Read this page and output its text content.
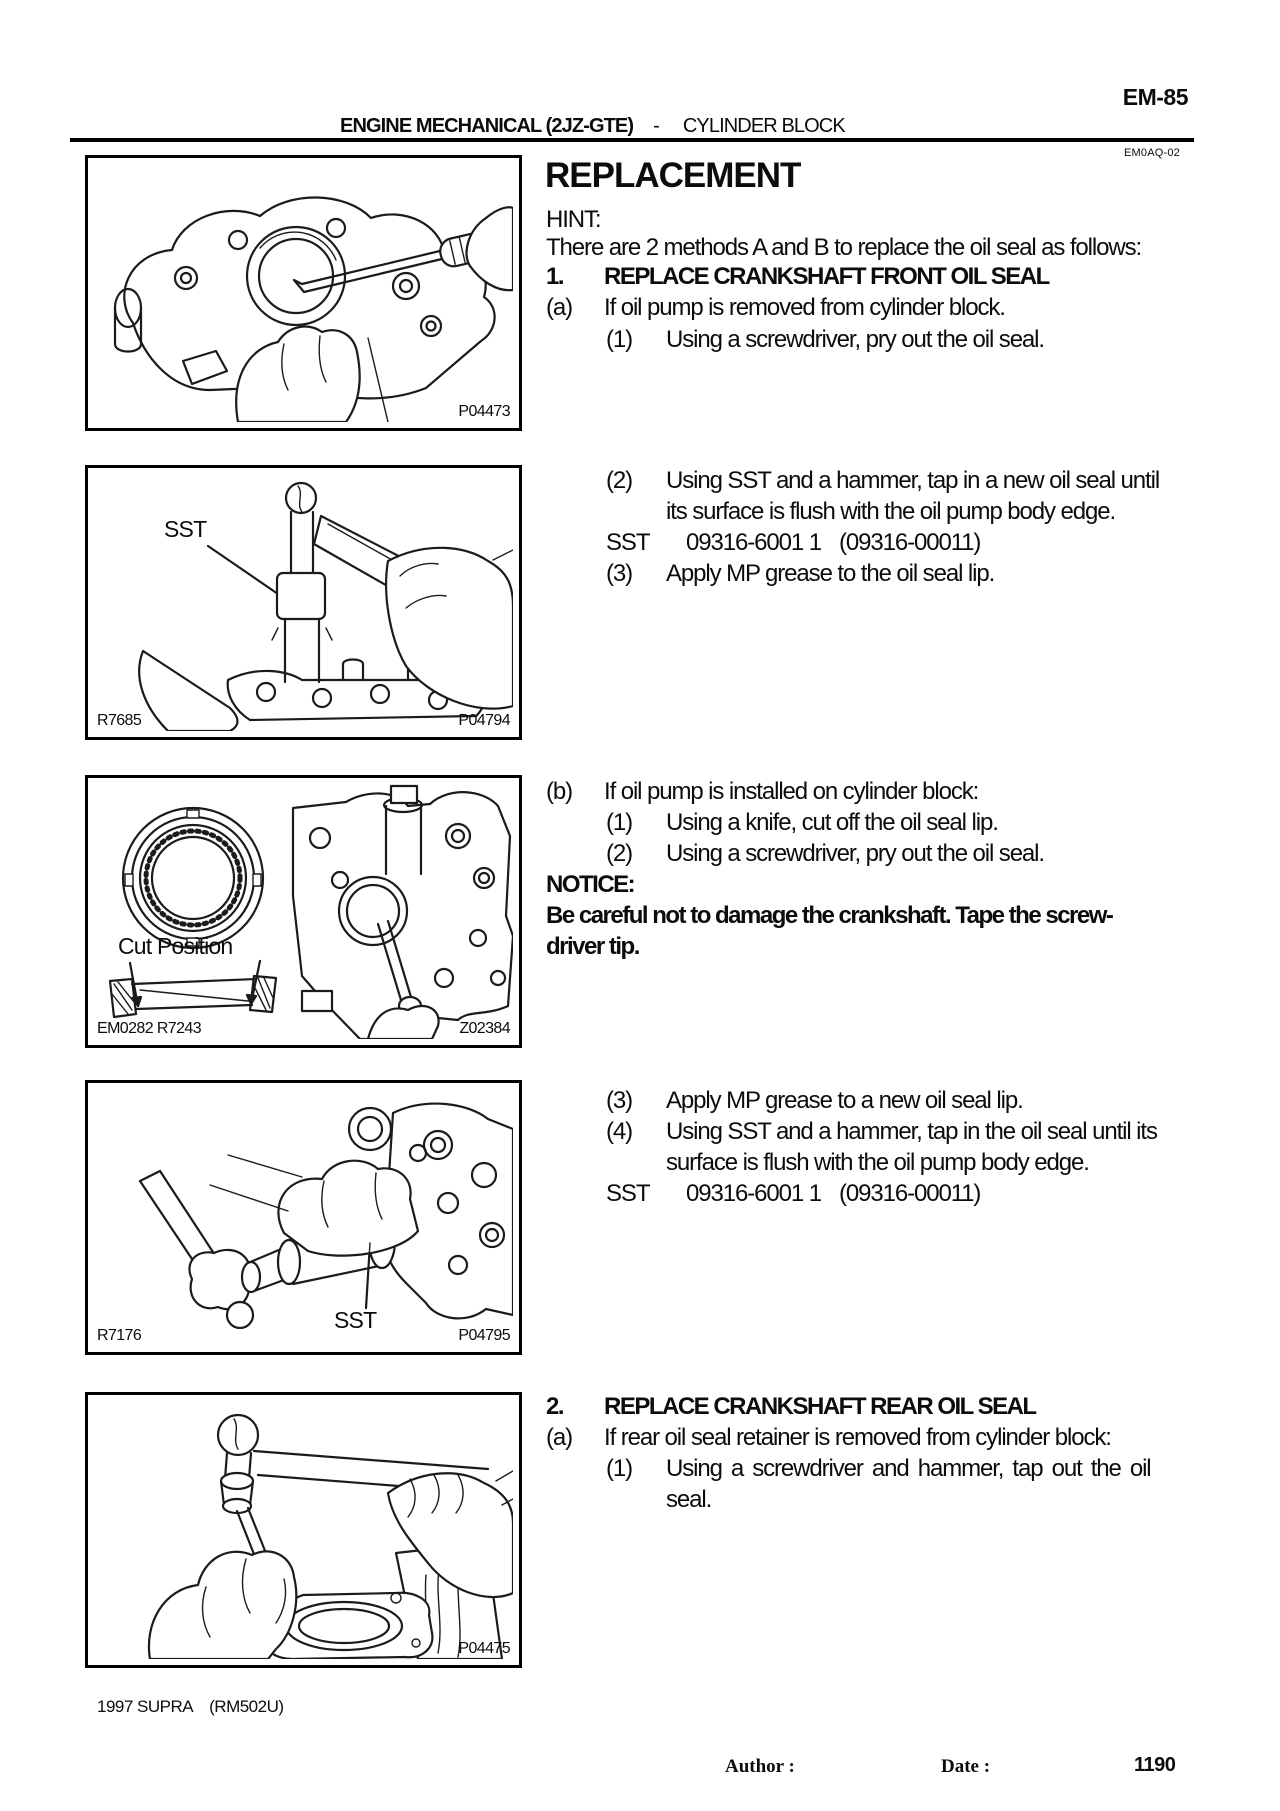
EM-85
ENGINE MECHANICAL (2JZ-GTE) - CYLINDER BLOCK
EM0AQ-02
P04473
SST
R7685	P04794
Cut Position
EM0282 R7243	Z02384
SST
R7176	P04795
P04475
REPLACEMENT
HINT:
There are 2 methods A and B to replace the oil seal as follows:
1. REPLACE CRANKSHAFT FRONT OIL SEAL
(a) If oil pump is removed from cylinder block.
(1) Using a screwdriver, pry out the oil seal.
(2) Using SST and a hammer, tap in a new oil seal until
its surface is flush with the oil pump body edge.
SST 09316-6001 1 (09316-00011)
(3) Apply MP grease to the oil seal lip.
(b) If oil pump is installed on cylinder block:
(1) Using a knife, cut off the oil seal lip.
(2) Using a screwdriver, pry out the oil seal.
NOTICE:
Be careful not to damage the crankshaft. Tape the screw-
driver tip.
(3) Apply MP grease to a new oil seal lip.
(4) Using SST and a hammer, tap in the oil seal until its
surface is flush with the oil pump body edge.
SST 09316-6001 1 (09316-00011)
2. REPLACE CRANKSHAFT REAR OIL SEAL
(a) If rear oil seal retainer is removed from cylinder block:
(1) Using a screwdriver and hammer, tap out the oil
seal.
1997 SUPRA (RM502U)
Author :	Date :	1190
